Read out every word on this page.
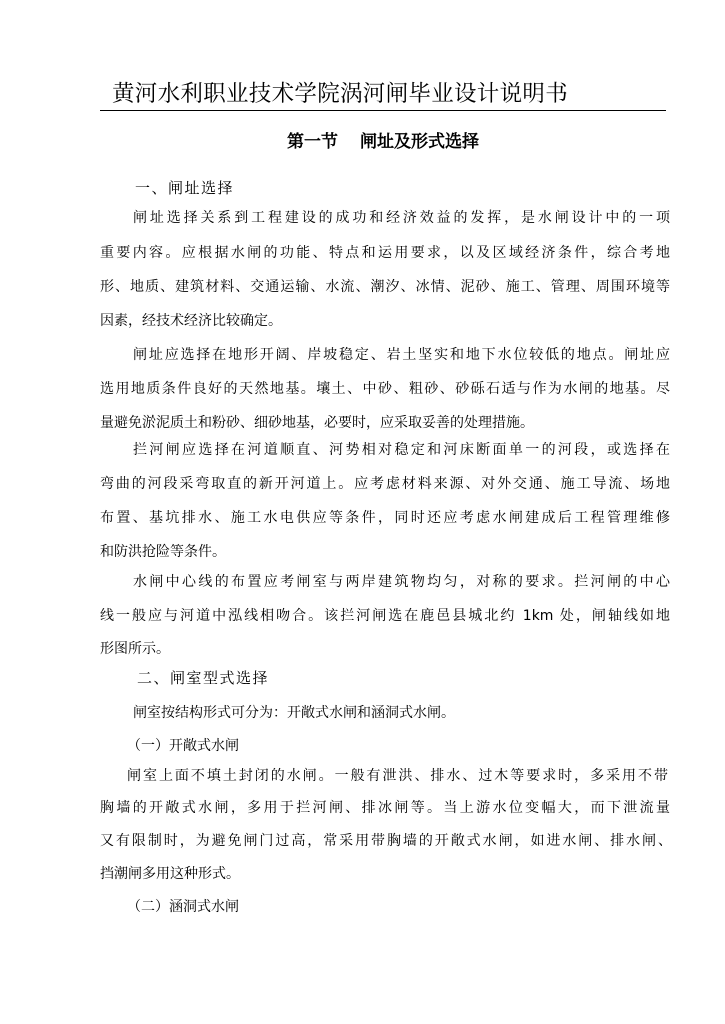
黄河水利职业技术学院涡河闸毕业设计说明书
第一节 闸址及形式选择
一、闸址选择
闸址选择关系到工程建设的成功和经济效益的发挥，是水闸设计中的一项
重要内容。应根据水闸的功能、特点和运用要求，以及区域经济条件，综合考地
形、地质、建筑材料、交通运输、水流、潮汐、冰情、泥砂、施工、管理、周围环境等
因素，经技术经济比较确定。
闸址应选择在地形开阔、岸坡稳定、岩土坚实和地下水位较低的地点。闸址应
选用地质条件良好的天然地基。壤土、中砂、粗砂、砂砾石适与作为水闸的地基。尽
量避免淤泥质土和粉砂、细砂地基，必要时，应采取妥善的处理措施。
拦河闸应选择在河道顺直、河势相对稳定和河床断面单一的河段，或选择在
弯曲的河段采弯取直的新开河道上。应考虑材料来源、对外交通、施工导流、场地
布置、基坑排水、施工水电供应等条件，同时还应考虑水闸建成后工程管理维修
和防洪抢险等条件。
水闸中心线的布置应考闸室与两岸建筑物均匀，对称的要求。拦河闸的中心
线一般应与河道中泓线相吻合。该拦河闸选在鹿邑县城北约 1km 处，闸轴线如地
形图所示。
二、闸室型式选择
闸室按结构形式可分为：开敞式水闸和涵洞式水闸。
（一）开敞式水闸
闸室上面不填土封闭的水闸。一般有泄洪、排水、过木等要求时，多采用不带
胸墙的开敞式水闸，多用于拦河闸、排冰闸等。当上游水位变幅大，而下泄流量
又有限制时，为避免闸门过高，常采用带胸墙的开敞式水闸，如进水闸、排水闸、
挡潮闸多用这种形式。
（二）涵洞式水闸
